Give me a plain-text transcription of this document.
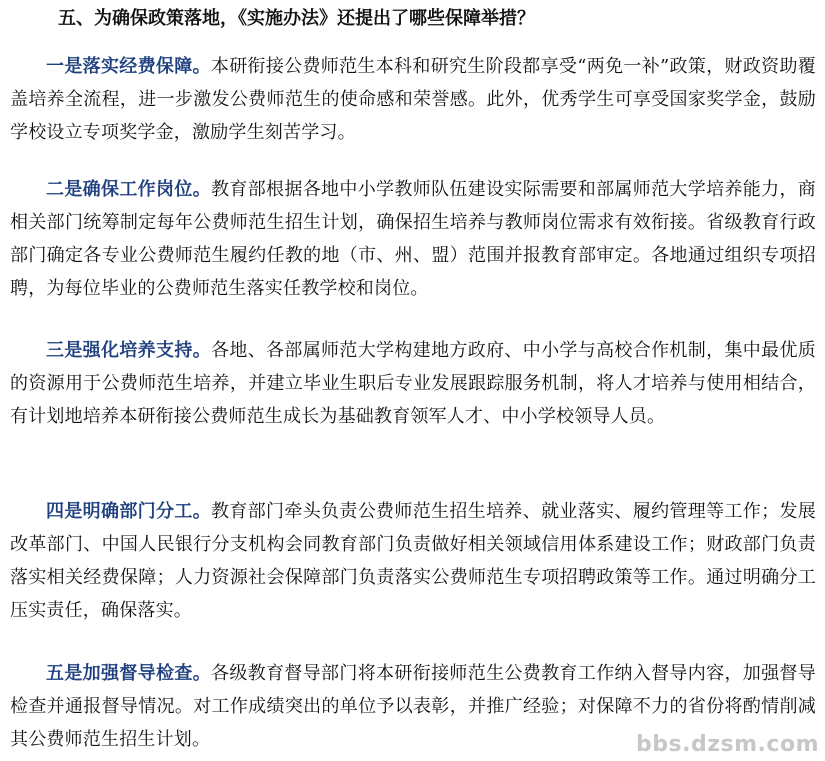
五、为确保政策落地，《实施办法》还提出了哪些保障举措？

一是落实经费保障。本研衔接公费师范生本科和研究生阶段都享受“两免一补”政策，财政资助覆盖培养全流程，进一步激发公费师范生的使命感和荣誉感。此外，优秀学生可享受国家奖学金，鼓励学校设立专项奖学金，激励学生刻苦学习。

二是确保工作岗位。教育部根据各地中小学教师队伍建设实际需要和部属师范大学培养能力，商相关部门统筹制定每年公费师范生招生计划，确保招生培养与教师岗位需求有效衔接。省级教育行政部门确定各专业公费师范生履约任教的地（市、州、盟）范围并报教育部审定。各地通过组织专项招聘，为每位毕业的公费师范生落实任教学校和岗位。

三是强化培养支持。各地、各部属师范大学构建地方政府、中小学与高校合作机制，集中最优质的资源用于公费师范生培养，并建立毕业生职后专业发展跟踪服务机制，将人才培养与使用相结合，有计划地培养本研衔接公费师范生成长为基础教育领军人才、中小学校领导人员。

四是明确部门分工。教育部门牵头负责公费师范生招生培养、就业落实、履约管理等工作；发展改革部门、中国人民银行分支机构会同教育部门负责做好相关领域信用体系建设工作；财政部门负责落实相关经费保障；人力资源社会保障部门负责落实公费师范生专项招聘政策等工作。通过明确分工压实责任，确保落实。

五是加强督导检查。各级教育督导部门将本研衔接师范生公费教育工作纳入督导内容，加强督导检查并通报督导情况。对工作成绩突出的单位予以表彰，并推广经验；对保障不力的省份将酌情削减其公费师范生招生计划。	bbs.dzsm.com
